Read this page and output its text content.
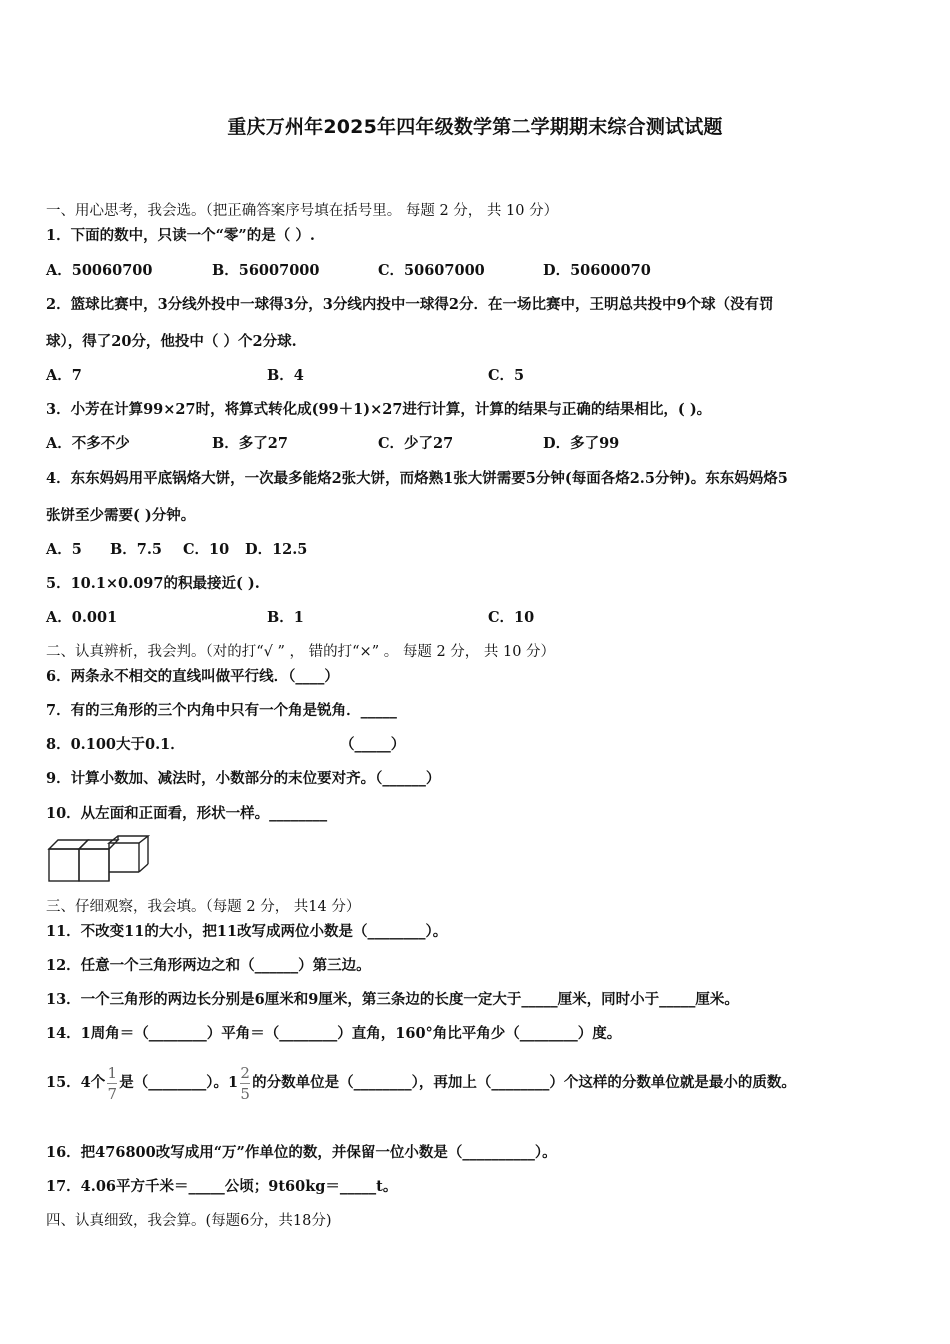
重庆万州年2025年四年级数学第二学期期末综合测试试题
一、用心思考，我会选。（把正确答案序号填在括号里。 每题 2 分， 共 10 分）
1．下面的数中，只读一个“零”的是（ ）.
A．50060700	B．56007000	C．50607000	D．50600070
2．篮球比赛中，3分线外投中一球得3分，3分线内投中一球得2分．在一场比赛中，王明总共投中9个球（没有罚
球），得了20分，他投中（ ）个2分球.
A．7	B．4	C．5
3．小芳在计算99×27时，将算式转化成(99＋1)×27进行计算，计算的结果与正确的结果相比，( )。
A．不多不少	B．多了27	C．少了27	D．多了99
4．东东妈妈用平底锅烙大饼，一次最多能烙2张大饼，而烙熟1张大饼需要5分钟(每面各烙2.5分钟)。东东妈妈烙5
张饼至少需要( )分钟。
A．5 B．7.5 C．10 D．12.5
5．10.1×0.097的积最接近( ).
A．0.001	B．1	C．10
二、认真辨析，我会判。（对的打“√ ” ， 错的打“×” 。 每题 2 分， 共 10 分）
6．两条永不相交的直线叫做平行线．（____）
7．有的三角形的三个内角中只有一个角是锐角．_____
8．0.100大于0.1．	（_____）
9．计算小数加、减法时，小数部分的末位要对齐。（______）
10．从左面和正面看，形状一样。________
三、仔细观察，我会填。（每题 2 分， 共14 分）
11．不改变11的大小，把11改写成两位小数是（________）。
12．任意一个三角形两边之和（______）第三边。
13．一个三角形的两边长分别是6厘米和9厘米，第三条边的长度一定大于_____厘米，同时小于_____厘米。
14．1周角＝（________）平角＝（________）直角，160°角比平角少（________）度。
15．4个 $\frac{1}{7}$ 是（________）。$1 \frac{2}{5}$ 的分数单位是（________），再加上（________）个这样的分数单位就是最小的质数。
16．把476800改写成用“万”作单位的数，并保留一位小数是（__________）。
17．4.06平方千米＝_____公顷；9t60kg＝_____t。
四、认真细致，我会算。(每题6分，共18分)
